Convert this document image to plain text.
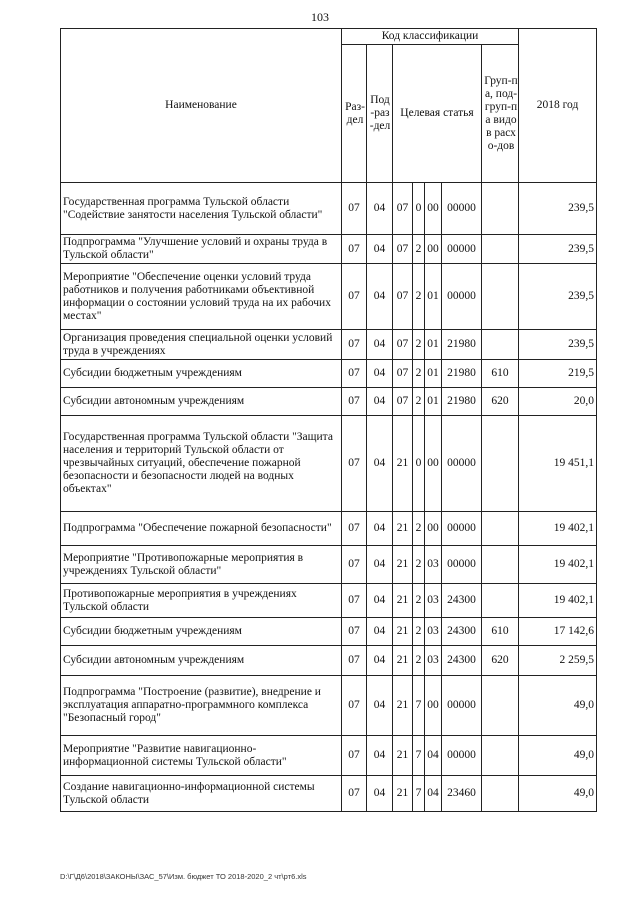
103
Наименование	Код классификации							2018 год

	Раз-дел	Под-раз-дел	Целевая статья				Груп-па, под-груп-па видов расхо-дов	

Государственная программа Тульской области "Содействие занятости населения Тульской области"	07	04	07	0	00	00000		239,5
Подпрограмма "Улучшение условий и охраны труда в Тульской области"	07	04	07	2	00	00000		239,5
Мероприятие "Обеспечение оценки условий труда работников и получения работниками объективной информации о состоянии условий труда на их рабочих местах"	07	04	07	2	01	00000		239,5
Организация проведения специальной оценки условий труда в учреждениях	07	04	07	2	01	21980		239,5
Субсидии бюджетным учреждениям	07	04	07	2	01	21980	610	219,5
Субсидии автономным учреждениям	07	04	07	2	01	21980	620	20,0
Государственная программа Тульской области "Защита населения и территорий Тульской области от чрезвычайных ситуаций, обеспечение пожарной безопасности и безопасности людей на водных объектах"	07	04	21	0	00	00000		19 451,1
Подпрограмма "Обеспечение пожарной безопасности"	07	04	21	2	00	00000		19 402,1
Мероприятие "Противопожарные мероприятия в учреждениях Тульской области"	07	04	21	2	03	00000		19 402,1
Противопожарные мероприятия в учреждениях Тульской области	07	04	21	2	03	24300		19 402,1
Субсидии бюджетным учреждениям	07	04	21	2	03	24300	610	17 142,6
Субсидии автономным учреждениям	07	04	21	2	03	24300	620	2 259,5
Подпрограмма "Построение (развитие), внедрение и эксплуатация аппаратно-программного комплекса "Безопасный город"	07	04	21	7	00	00000		49,0
Мероприятие "Развитие навигационно-информационной системы Тульской области"	07	04	21	7	04	00000		49,0
Создание навигационно-информационной системы Тульской области	07	04	21	7	04	23460		49,0
D:\Г\Д6\2018\ЗАКОНЫ\ЗАС_57\Изм. бюджет ТО 2018-2020_2 чт\рт6.xls
